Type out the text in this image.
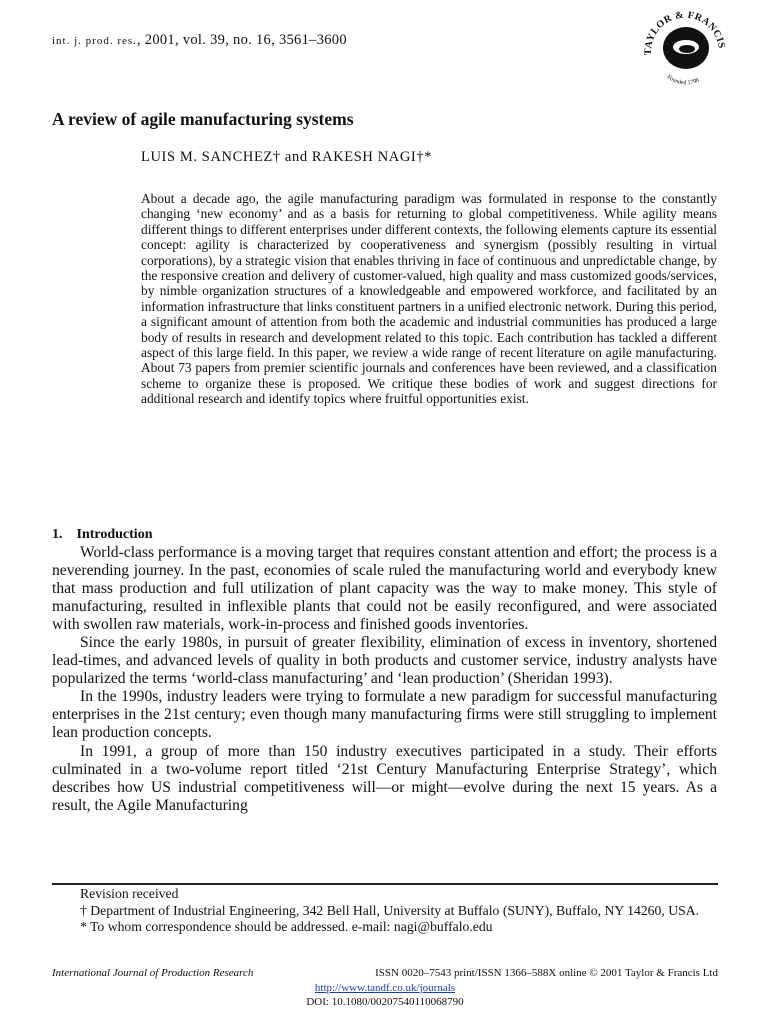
int. j. prod. res., 2001, vol. 39, no. 16, 3561–3600
TAYLOR & FRANCIS
Founded 1798
A review of agile manufacturing systems
LUIS M. SANCHEZ† and RAKESH NAGI†*

About a decade ago, the agile manufacturing paradigm was formulated in response to the constantly changing ‘new economy’ and as a basis for returning to global competitiveness. While agility means different things to different enterprises under different contexts, the following elements capture its essential concept: agility is characterized by cooperativeness and synergism (possibly resulting in virtual corporations), by a strategic vision that enables thriving in face of continuous and unpredictable change, by the responsive creation and delivery of customer-valued, high quality and mass customized goods/services, by nimble organization structures of a knowledgeable and empowered workforce, and facilitated by an information infrastructure that links constituent partners in a unified electronic network. During this period, a significant amount of attention from both the academic and industrial communities has produced a large body of results in research and development related to this topic. Each contribution has tackled a different aspect of this large field. In this paper, we review a wide range of recent literature on agile manufacturing. About 73 papers from premier scientific journals and conferences have been reviewed, and a classification scheme to organize these is proposed. We critique these bodies of work and suggest directions for additional research and identify topics where fruitful opportunities exist.

1. Introduction

World-class performance is a moving target that requires constant attention and effort; the process is a neverending journey. In the past, economies of scale ruled the manufacturing world and everybody knew that mass production and full utilization of plant capacity was the way to make money. This style of manufacturing, resulted in inflexible plants that could not be easily reconfigured, and were associated with swollen raw materials, work-in-process and finished goods inventories.

Since the early 1980s, in pursuit of greater flexibility, elimination of excess in inventory, shortened lead-times, and advanced levels of quality in both products and customer service, industry analysts have popularized the terms ‘world-class manufacturing’ and ‘lean production’ (Sheridan 1993).

In the 1990s, industry leaders were trying to formulate a new paradigm for successful manufacturing enterprises in the 21st century; even though many manufacturing firms were still struggling to implement lean production concepts.

In 1991, a group of more than 150 industry executives participated in a study. Their efforts culminated in a two-volume report titled ‘21st Century Manufacturing Enterprise Strategy’, which describes how US industrial competitiveness will—or might—evolve during the next 15 years. As a result, the Agile Manufacturing

Revision received

† Department of Industrial Engineering, 342 Bell Hall, University at Buffalo (SUNY), Buffalo, NY 14260, USA.

* To whom correspondence should be addressed. e-mail: nagi@buffalo.edu

International Journal of Production Research	ISSN 0020–7543 print/ISSN 1366–588X online © 2001 Taylor & Francis Ltd
http://www.tandf.co.uk/journals
DOI: 10.1080/00207540110068790
